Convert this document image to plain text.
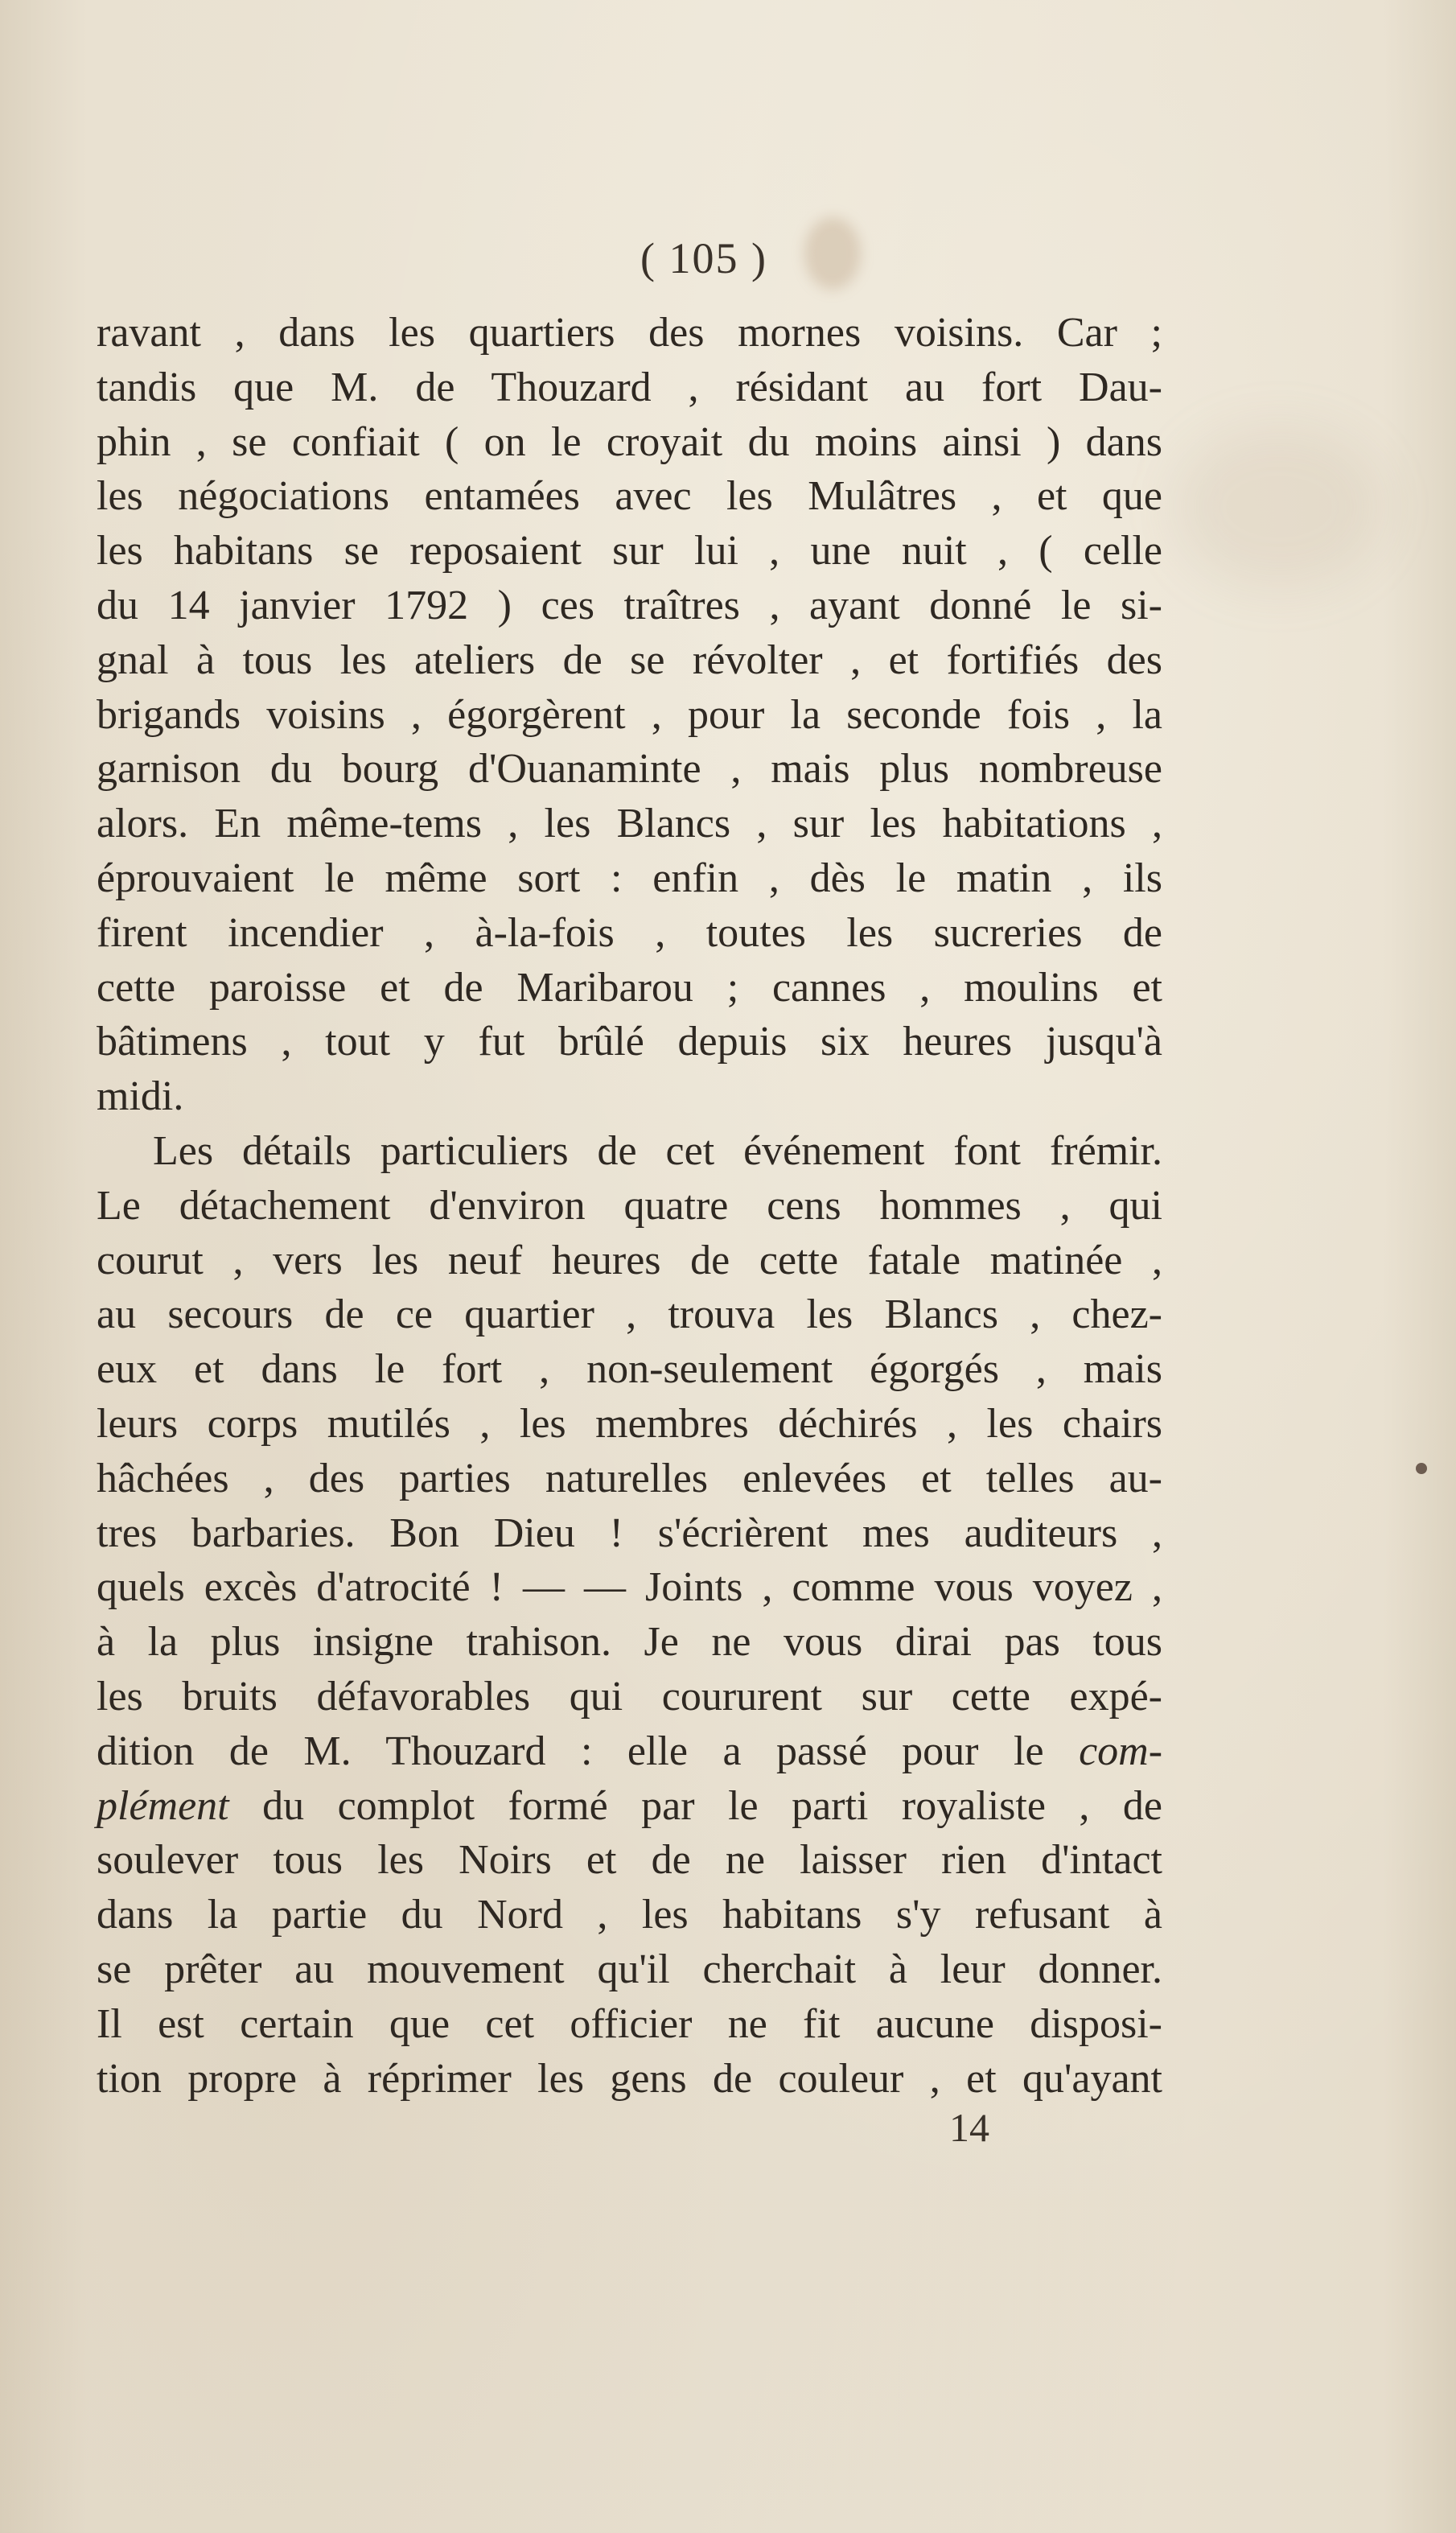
( 105 )
ravant , dans les quartiers des mornes voisins. Car ;
tandis que M. de Thouzard , résidant au fort Dau-
phin , se confiait ( on le croyait du moins ainsi ) dans
les négociations entamées avec les Mulâtres , et que
les habitans se reposaient sur lui , une nuit , ( celle
du 14 janvier 1792 ) ces traîtres , ayant donné le si-
gnal à tous les ateliers de se révolter , et fortifiés des
brigands voisins , égorgèrent , pour la seconde fois , la
garnison du bourg d'Ouanaminte , mais plus nombreuse
alors. En même-tems , les Blancs , sur les habitations ,
éprouvaient le même sort : enfin , dès le matin , ils
firent incendier , à-la-fois , toutes les sucreries de
cette paroisse et de Maribarou ; cannes , moulins et
bâtimens , tout y fut brûlé depuis six heures jusqu'à
midi.
Les détails particuliers de cet événement font frémir.
Le détachement d'environ quatre cens hommes , qui
courut , vers les neuf heures de cette fatale matinée ,
au secours de ce quartier , trouva les Blancs , chez-
eux et dans le fort , non-seulement égorgés , mais
leurs corps mutilés , les membres déchirés , les chairs
hâchées , des parties naturelles enlevées et telles au-
tres barbaries. Bon Dieu ! s'écrièrent mes auditeurs ,
quels excès d'atrocité ! — — Joints , comme vous voyez ,
à la plus insigne trahison. Je ne vous dirai pas tous
les bruits défavorables qui coururent sur cette expé-
dition de M. Thouzard : elle a passé pour le com-
plément du complot formé par le parti royaliste , de
soulever tous les Noirs et de ne laisser rien d'intact
dans la partie du Nord , les habitans s'y refusant à
se prêter au mouvement qu'il cherchait à leur donner.
Il est certain que cet officier ne fit aucune disposi-
tion propre à réprimer les gens de couleur , et qu'ayant
14
